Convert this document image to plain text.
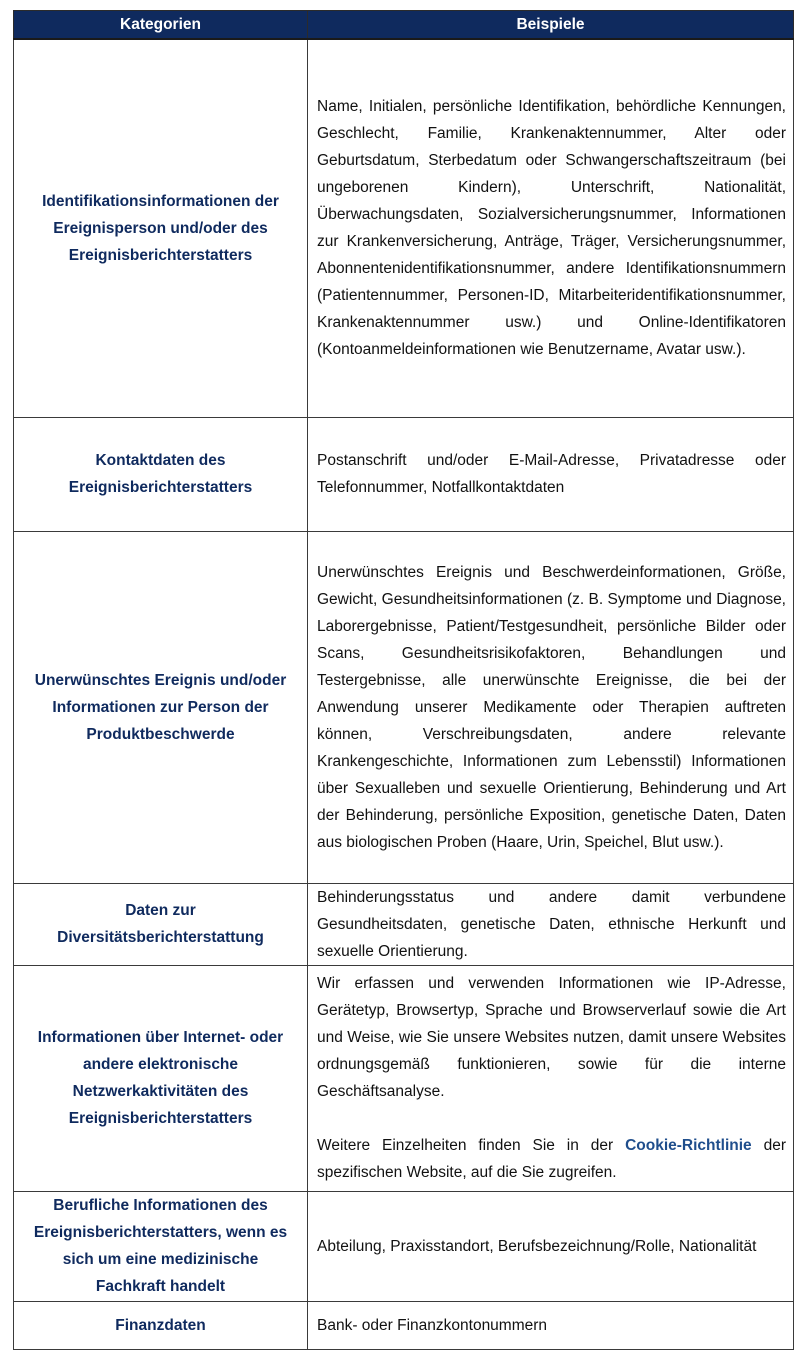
Kategorien	Beispiele
Identifikationsinformationen der Ereignisperson und/oder des Ereignisberichterstatters	Name, Initialen, persönliche Identifikation, behördliche Kennungen, Geschlecht, Familie, Krankenaktennummer, Alter oder Geburtsdatum, Sterbedatum oder Schwangerschaftszeitraum (bei ungeborenen Kindern), Unterschrift, Nationalität, Überwachungsdaten, Sozialversicherungsnummer, Informationen zur Krankenversicherung, Anträge, Träger, Versicherungsnummer, Abonnentenidentifikationsnummer, andere Identifikationsnummern (Patientennummer, Personen-ID, Mitarbeiteridentifikationsnummer, Krankenaktennummer usw.) und Online-Identifikatoren (Kontoanmeldeinformationen wie Benutzername, Avatar usw.).
Kontaktdaten des Ereignisberichterstatters	Postanschrift und/oder E-Mail-Adresse, Privatadresse oder Telefonnummer, Notfallkontaktdaten
Unerwünschtes Ereignis und/oder Informationen zur Person der Produktbeschwerde	Unerwünschtes Ereignis und Beschwerdeinformationen, Größe, Gewicht, Gesundheitsinformationen (z. B. Symptome und Diagnose, Laborergebnisse, Patient/Testgesundheit, persönliche Bilder oder Scans, Gesundheitsrisikofaktoren, Behandlungen und Testergebnisse, alle unerwünschte Ereignisse, die bei der Anwendung unserer Medikamente oder Therapien auftreten können, Verschreibungsdaten, andere relevante Krankengeschichte, Informationen zum Lebensstil) Informationen über Sexualleben und sexuelle Orientierung, Behinderung und Art der Behinderung, persönliche Exposition, genetische Daten, Daten aus biologischen Proben (Haare, Urin, Speichel, Blut usw.).
Daten zur Diversitätsberichterstattung	Behinderungsstatus und andere damit verbundene Gesundheitsdaten, genetische Daten, ethnische Herkunft und sexuelle Orientierung.
Informationen über Internet- oder andere elektronische Netzwerkaktivitäten des Ereignisberichterstatters	Wir erfassen und verwenden Informationen wie IP-Adresse, Gerätetyp, Browsertyp, Sprache und Browserverlauf sowie die Art und Weise, wie Sie unsere Websites nutzen, damit unsere Websites ordnungsgemäß funktionieren, sowie für die interne Geschäftsanalyse.

Weitere Einzelheiten finden Sie in der Cookie-Richtlinie der spezifischen Website, auf die Sie zugreifen.

Berufliche Informationen des Ereignisberichterstatters, wenn es sich um eine medizinische Fachkraft handelt	Abteilung, Praxisstandort, Berufsbezeichnung/Rolle, Nationalität
Finanzdaten	Bank- oder Finanzkontonummern
